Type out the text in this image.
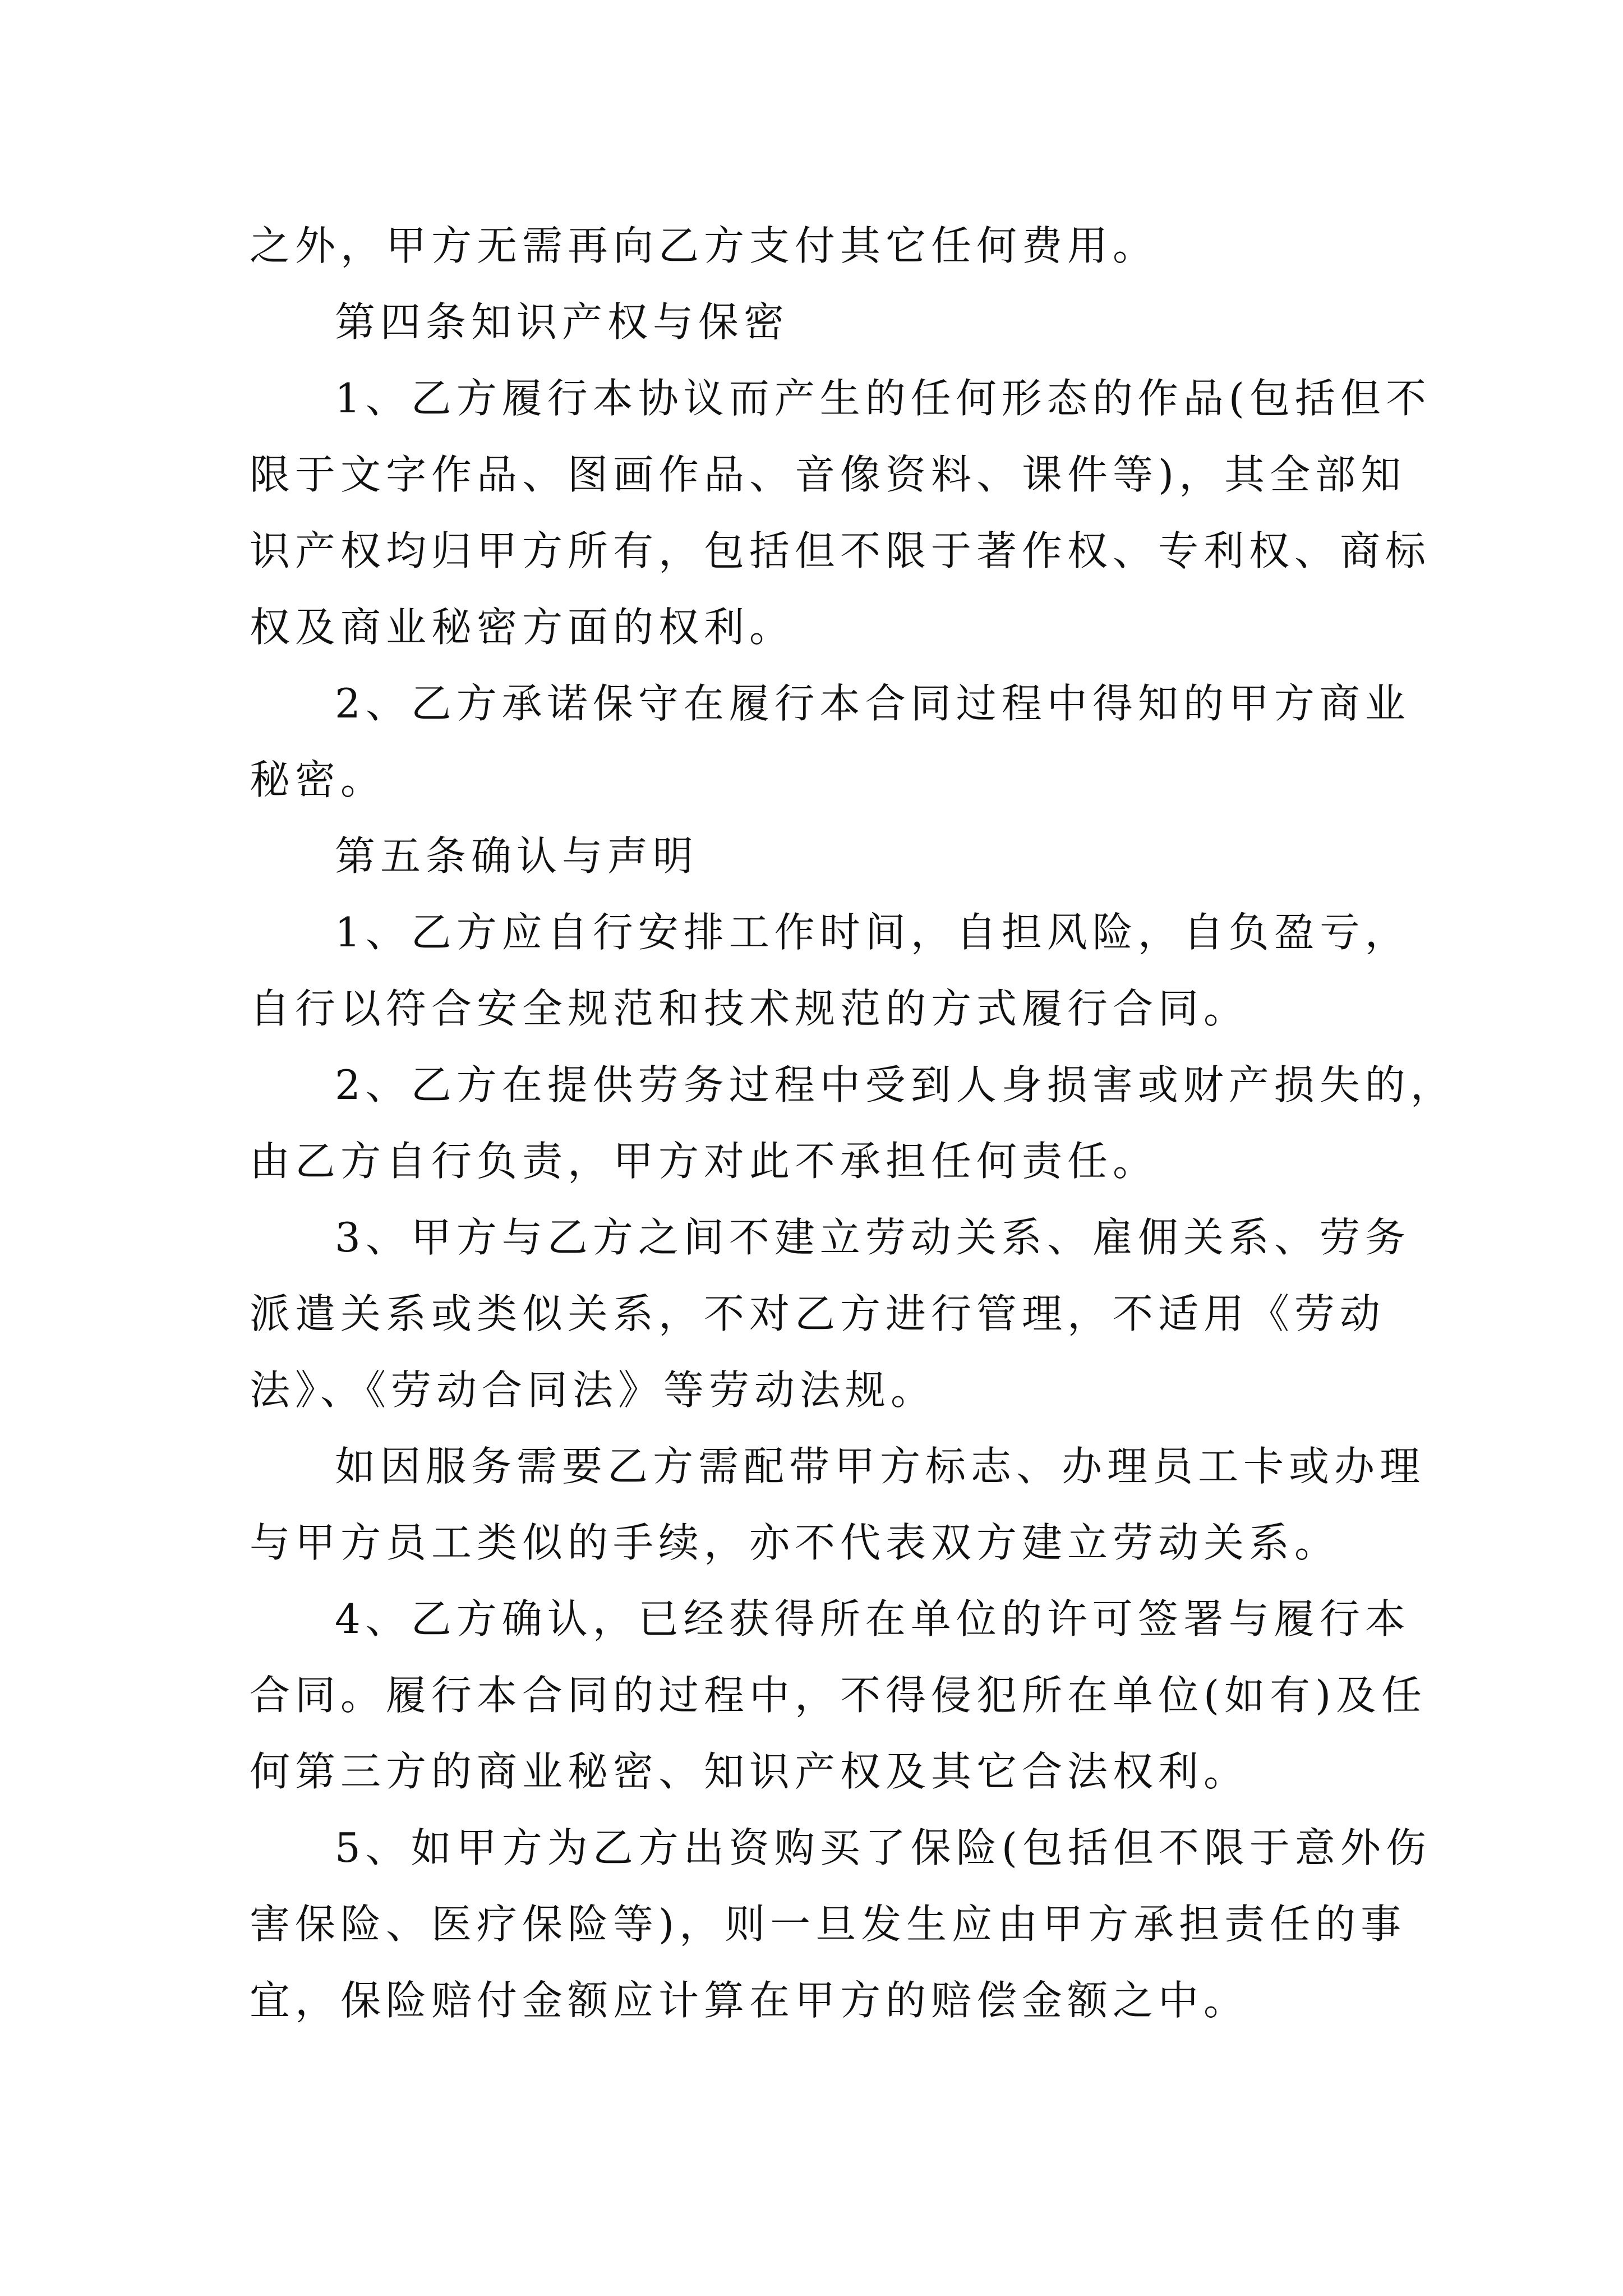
之外，甲方无需再向乙方支付其它任何费用。
第四条知识产权与保密
1、乙方履行本协议而产生的任何形态的作品(包括但不
限于文字作品、图画作品、音像资料、课件等)，其全部知
识产权均归甲方所有，包括但不限于著作权、专利权、商标
权及商业秘密方面的权利。
2、乙方承诺保守在履行本合同过程中得知的甲方商业
秘密。
第五条确认与声明
1、乙方应自行安排工作时间，自担风险，自负盈亏，
自行以符合安全规范和技术规范的方式履行合同。
2、乙方在提供劳务过程中受到人身损害或财产损失的，
由乙方自行负责，甲方对此不承担任何责任。
3、甲方与乙方之间不建立劳动关系、雇佣关系、劳务
派遣关系或类似关系，不对乙方进行管理，不适用《劳动
法》、《劳动合同法》等劳动法规。
如因服务需要乙方需配带甲方标志、办理员工卡或办理
与甲方员工类似的手续，亦不代表双方建立劳动关系。
4、乙方确认，已经获得所在单位的许可签署与履行本
合同。履行本合同的过程中，不得侵犯所在单位(如有)及任
何第三方的商业秘密、知识产权及其它合法权利。
5、如甲方为乙方出资购买了保险(包括但不限于意外伤
害保险、医疗保险等)，则一旦发生应由甲方承担责任的事
宜，保险赔付金额应计算在甲方的赔偿金额之中。
